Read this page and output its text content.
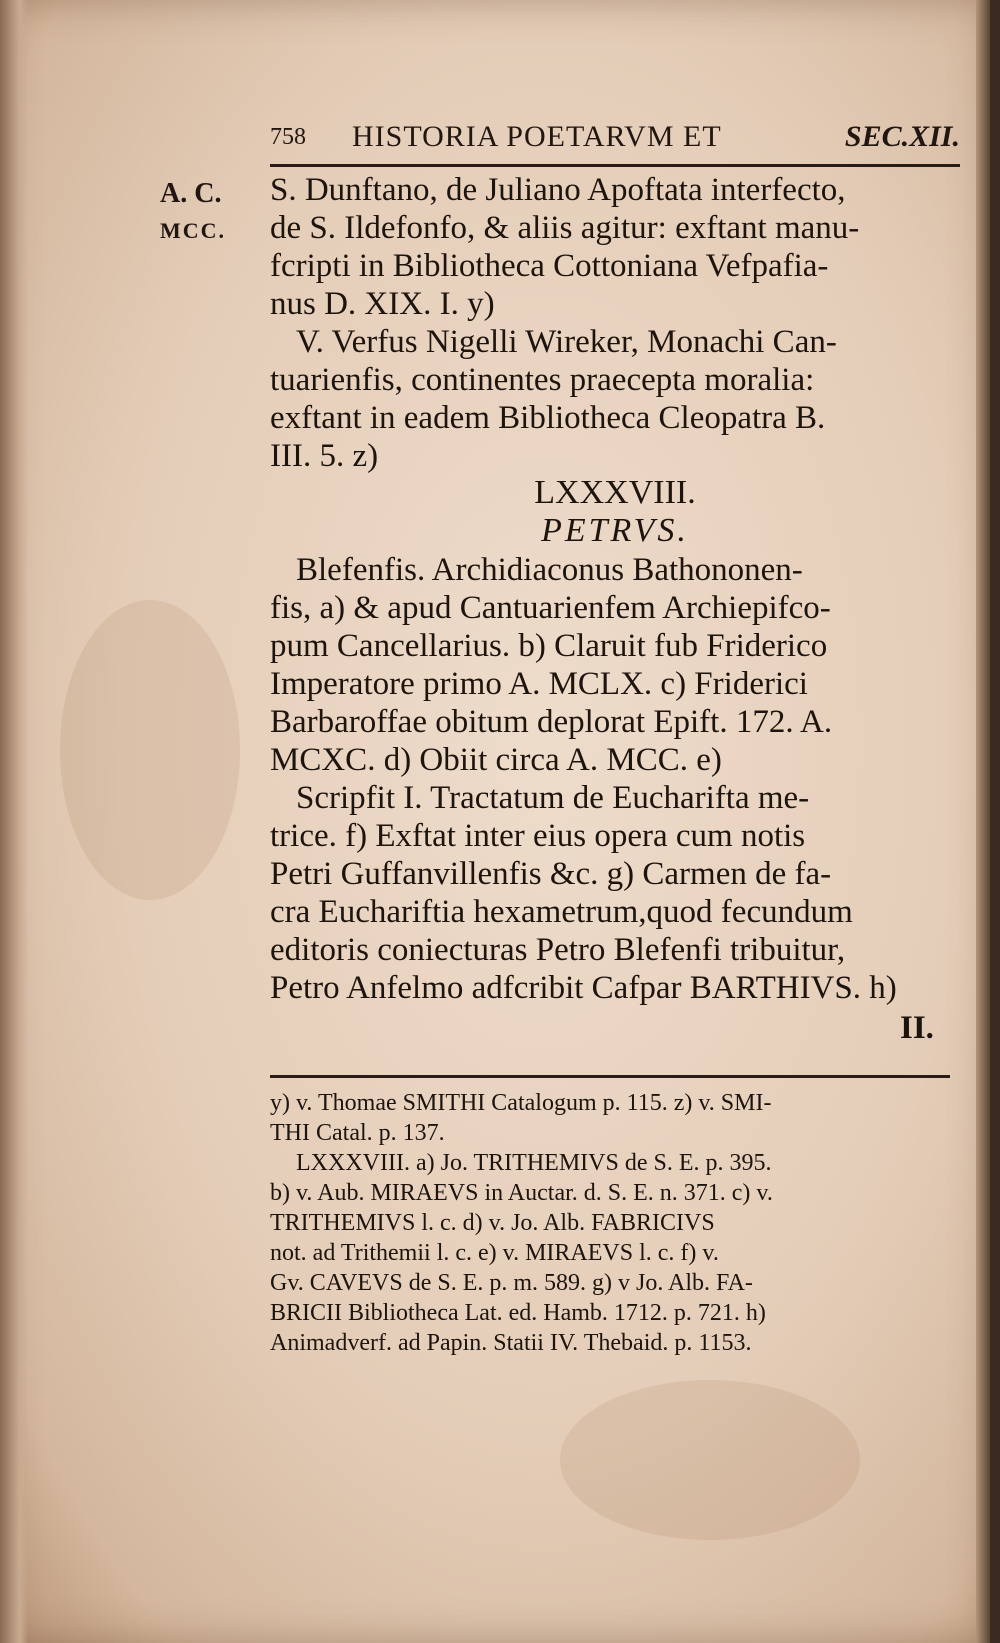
758 HISTORIA POETARVM ET	SEC.XII.
A. C.
MCC.
S. Dunftano, de Juliano Apoftata interfecto,
de S. Ildefonfo, & aliis agitur: exftant manu-
fcripti in Bibliotheca Cottoniana Vefpafia-
nus D. XIX. I. y)
V. Verfus Nigelli Wireker, Monachi Can-
tuarienfis, continentes praecepta moralia:
exftant in eadem Bibliotheca Cleopatra B.
III. 5. z)
LXXXVIII.
PETRVS.
Blefenfis. Archidiaconus Bathononen-
fis, a) & apud Cantuarienfem Archiepifco-
pum Cancellarius. b) Claruit fub Friderico
Imperatore primo A. MCLX. c) Friderici
Barbaroffae obitum deplorat Epift. 172. A.
MCXC. d) Obiit circa A. MCC. e)
Scripfit I. Tractatum de Eucharifta me-
trice. f) Exftat inter eius opera cum notis
Petri Guffanvillenfis &c. g) Carmen de fa-
cra Euchariftia hexametrum,quod fecundum
editoris coniecturas Petro Blefenfi tribuitur,
Petro Anfelmo adfcribit Cafpar BARTHIVS. h)
II.
y) v. Thomae SMITHI Catalogum p. 115. z) v. SMI-
THI Catal. p. 137.
LXXXVIII. a) Jo. TRITHEMIVS de S. E. p. 395.
b) v. Aub. MIRAEVS in Auctar. d. S. E. n. 371. c) v.
TRITHEMIVS l. c. d) v. Jo. Alb. FABRICIVS
not. ad Trithemii l. c. e) v. MIRAEVS l. c. f) v.
Gv. CAVEVS de S. E. p. m. 589. g) v Jo. Alb. FA-
BRICII Bibliotheca Lat. ed. Hamb. 1712. p. 721. h)
Animadverf. ad Papin. Statii IV. Thebaid. p. 1153.
